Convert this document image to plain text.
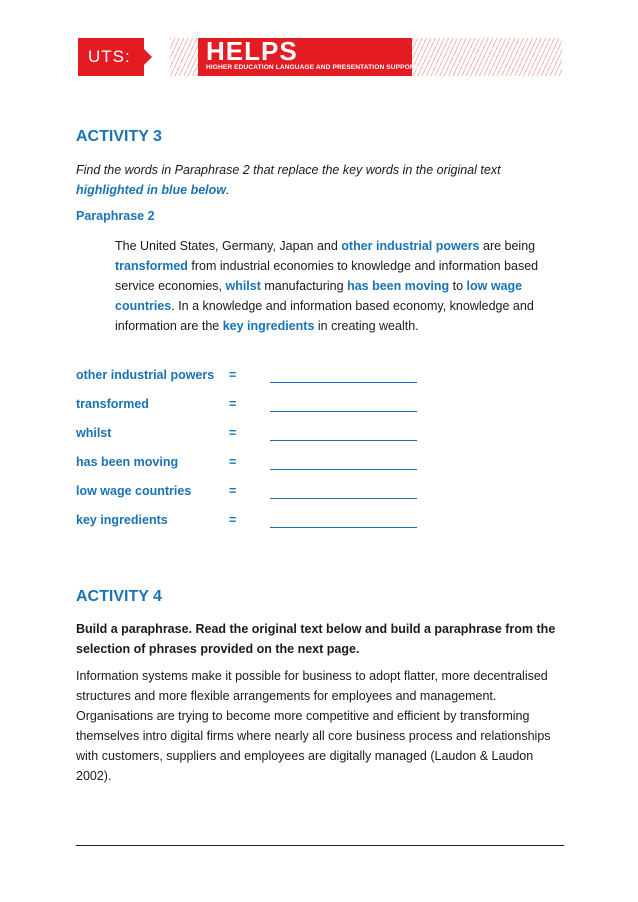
UTS:	HELPS
HIGHER EDUCATION LANGUAGE AND PRESENTATION SUPPORT
ACTIVITY 3

Find the words in Paraphrase 2 that replace the key words in the original text highlighted in blue below.

Paraphrase 2

The United States, Germany, Japan and other industrial powers are being transformed from industrial economies to knowledge and information based service economies, whilst manufacturing has been moving to low wage countries. In a knowledge and information based economy, knowledge and information are the key ingredients in creating wealth.

other industrial powers =
transformed	=
whilst	=
has been moving	=
low wage countries	=
key ingredients	=
ACTIVITY 4

Build a paraphrase. Read the original text below and build a paraphrase from the selection of phrases provided on the next page.

Information systems make it possible for business to adopt flatter, more decentralised structures and more flexible arrangements for employees and management. Organisations are trying to become more competitive and efficient by transforming themselves intro digital firms where nearly all core business process and relationships with customers, suppliers and employees are digitally managed (Laudon & Laudon 2002).
